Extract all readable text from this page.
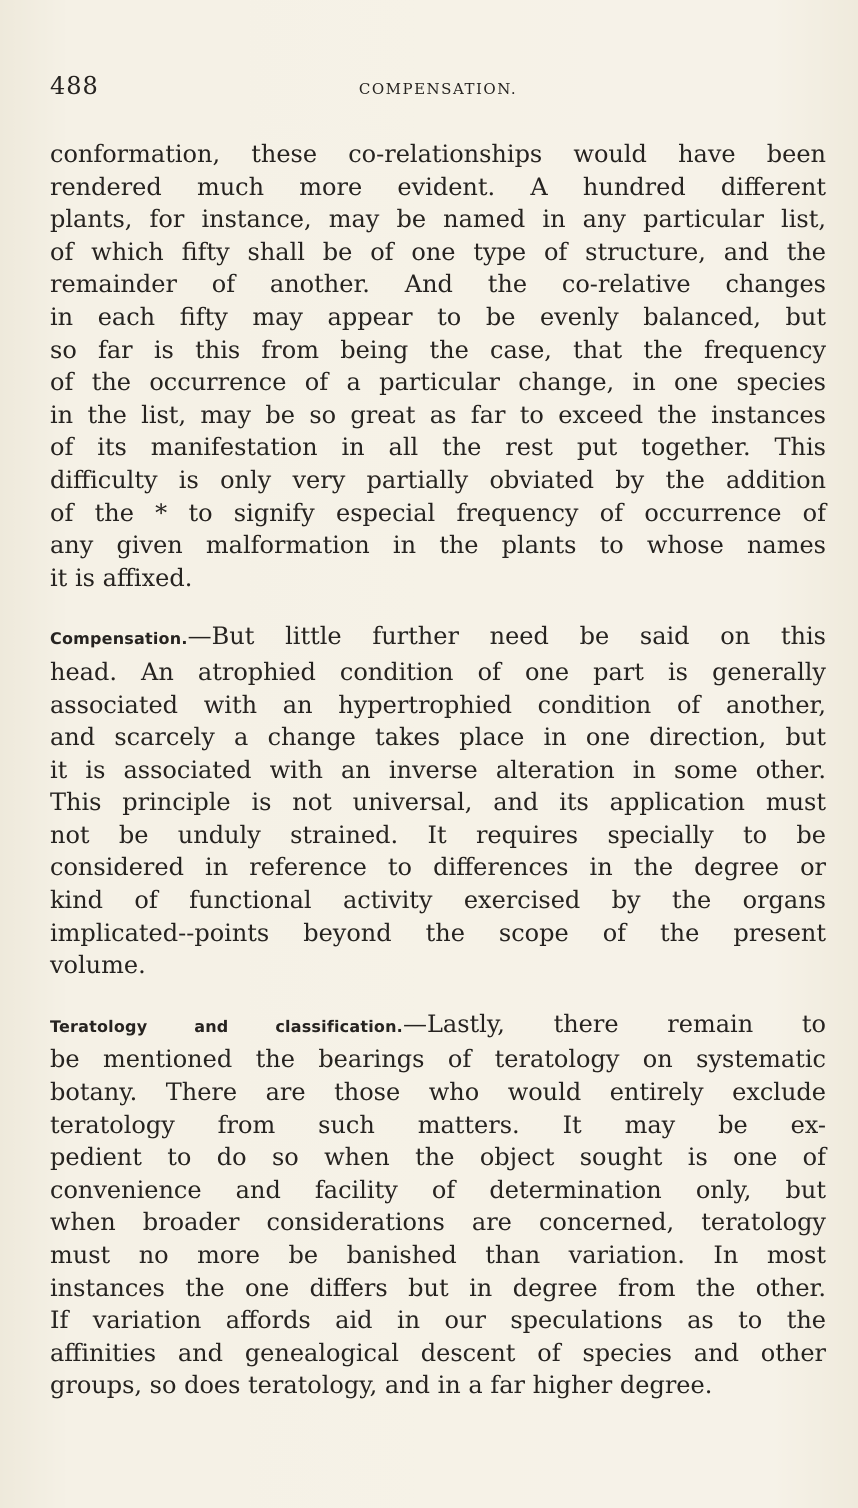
488	COMPENSATION.
conformation, these co-relationships would have been
rendered much more evident. A hundred different
plants, for instance, may be named in any particular list,
of which fifty shall be of one type of structure, and the
remainder of another. And the co-relative changes
in each fifty may appear to be evenly balanced, but
so far is this from being the case, that the frequency
of the occurrence of a particular change, in one species
in the list, may be so great as far to exceed the instances
of its manifestation in all the rest put together. This
difficulty is only very partially obviated by the addition
of the * to signify especial frequency of occurrence of
any given malformation in the plants to whose names
it is affixed.
Compensation.—But little further need be said on this
head. An atrophied condition of one part is generally
associated with an hypertrophied condition of another,
and scarcely a change takes place in one direction, but
it is associated with an inverse alteration in some other.
This principle is not universal, and its application must
not be unduly strained. It requires specially to be
considered in reference to differences in the degree or
kind of functional activity exercised by the organs
implicated--points beyond the scope of the present
volume.
Teratology and classification.—Lastly, there remain to
be mentioned the bearings of teratology on systematic
botany. There are those who would entirely exclude
teratology from such matters. It may be ex-
pedient to do so when the object sought is one of
convenience and facility of determination only, but
when broader considerations are concerned, teratology
must no more be banished than variation. In most
instances the one differs but in degree from the other.
If variation affords aid in our speculations as to the
affinities and genealogical descent of species and other
groups, so does teratology, and in a far higher degree.
